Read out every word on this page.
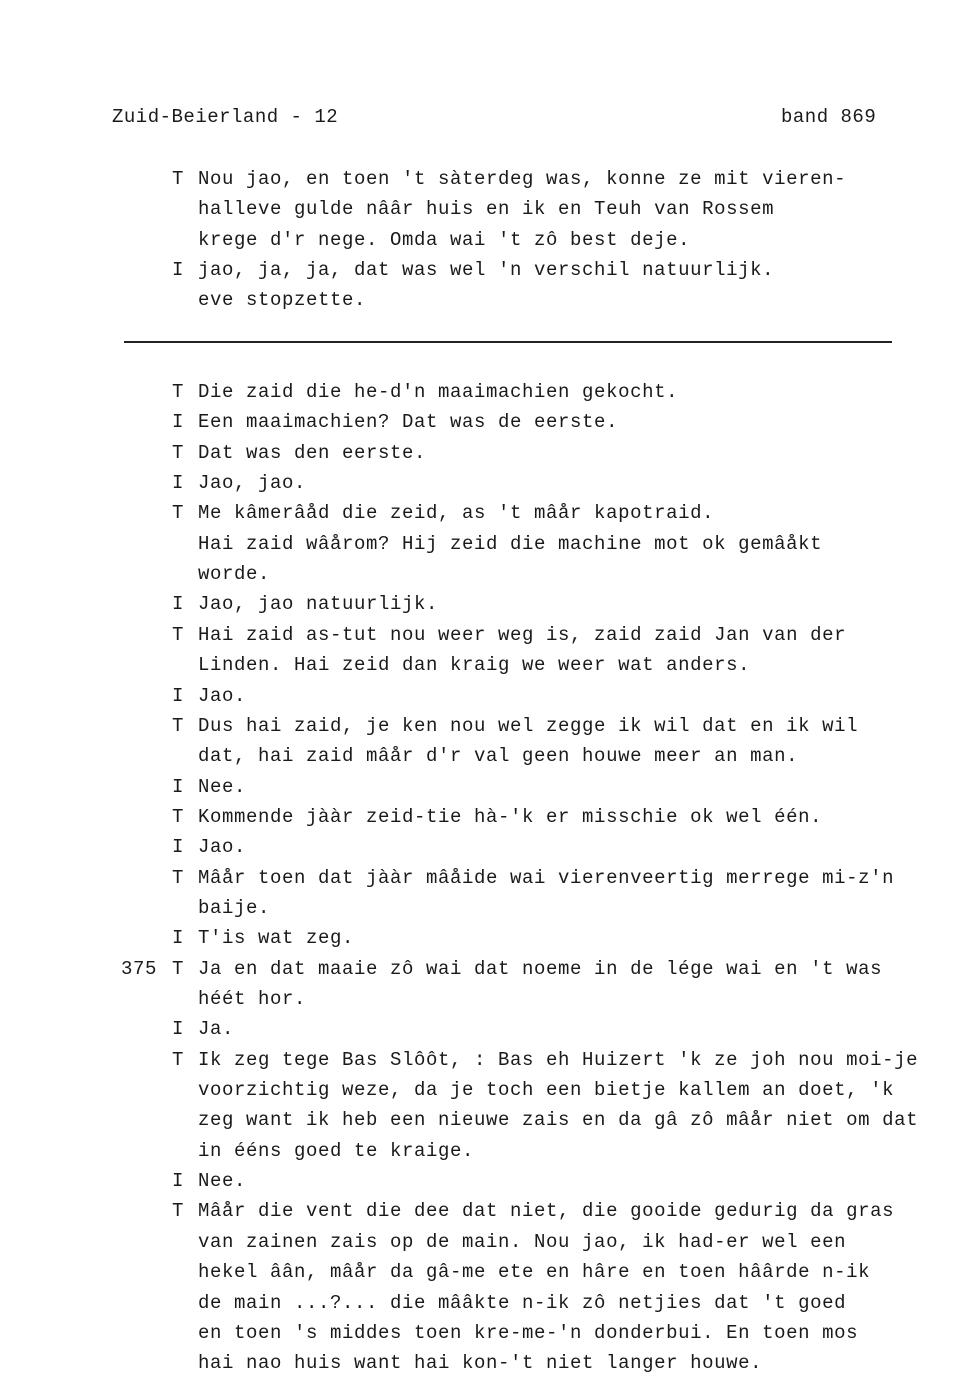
Zuid-Beierland - 12	band 869
T Nou jao, en toen 't sàterdeg was, konne ze mit vieren-
halleve gulde nââr huis en ik en Teuh van Rossem
krege d'r nege. Omda wai 't zô best deje.
I jao, ja, ja, dat was wel 'n verschil natuurlijk.
eve stopzette.
T Die zaid die he-d'n maaimachien gekocht.
I Een maaimachien? Dat was de eerste.
T Dat was den eerste.
I Jao, jao.
T Me kâmerâåd die zeid, as 't mâår kapotraid.
Hai zaid wâårom? Hij zeid die machine mot ok gemâåkt
worde.
I Jao, jao natuurlijk.
T Hai zaid as-tut nou weer weg is, zaid zaid Jan van der
Linden. Hai zeid dan kraig we weer wat anders.
I Jao.
T Dus hai zaid, je ken nou wel zegge ik wil dat en ik wil
dat, hai zaid mâår d'r val geen houwe meer an man.
I Nee.
T Kommende jààr zeid-tie hà-'k er misschie ok wel één.
I Jao.
T Mâår toen dat jààr mâåide wai vierenveertig merrege mi-z'n
baije.
I T'is wat zeg.
375 T Ja en dat maaie zô wai dat noeme in de lége wai en 't was
héét hor.
I Ja.
T Ik zeg tege Bas Slôôt, : Bas eh Huizert 'k ze joh nou moi-je
voorzichtig weze, da je toch een bietje kallem an doet, 'k
zeg want ik heb een nieuwe zais en da gâ zô mâår niet om dat
in ééns goed te kraige.
I Nee.
T Mâår die vent die dee dat niet, die gooide gedurig da gras
van zainen zais op de main. Nou jao, ik had-er wel een
hekel âân, mâår da gâ-me ete en hâre en toen hâârde n-ik
de main ...?... die mââkte n-ik zô netjies dat 't goed
en toen 's middes toen kre-me-'n donderbui. En toen mos
hai nao huis want hai kon-'t niet langer houwe.
